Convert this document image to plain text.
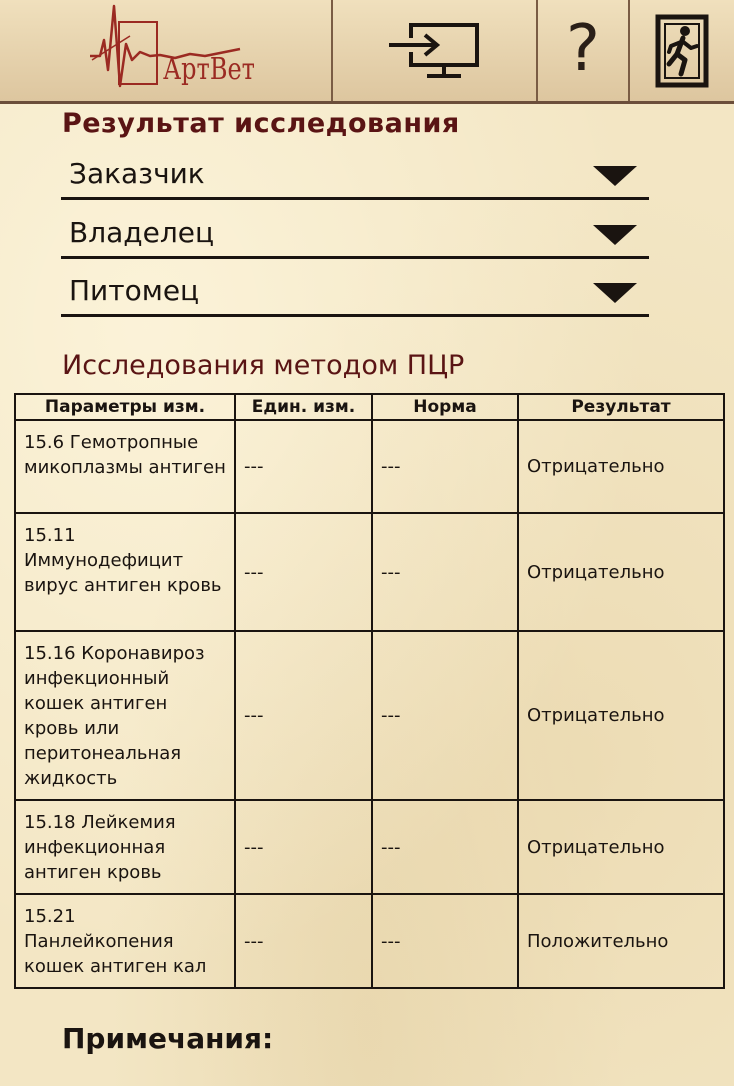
АртВет	?
Результат исследования
Заказчик
Владелец
Питомец
Исследования методом ПЦР
Параметры изм.	Един. изм.	Норма	Результат
15.6 Гемотропные микоплазмы антиген	---	---	Отрицательно
15.11 Иммунодефицит вирус антиген кровь	---	---	Отрицательно
15.16 Коронавироз инфекционный кошек антиген кровь или перитонеальная жидкость	---	---	Отрицательно
15.18 Лейкемия инфекционная антиген кровь	---	---	Отрицательно
15.21 Панлейкопения кошек антиген кал	---	---	Положительно
Примечания:
